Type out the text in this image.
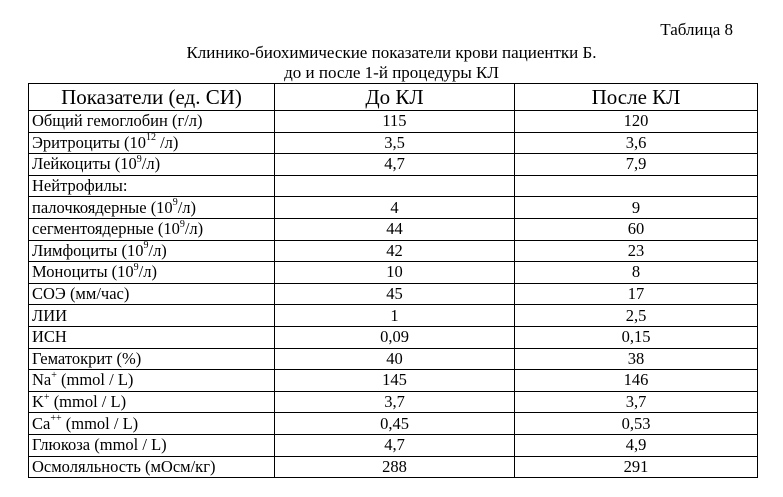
Таблица 8
Клинико-биохимические показатели крови пациентки Б.
до и после 1-й процедуры КЛ
Показатели (ед. СИ)	До КЛ	После КЛ
Общий гемоглобин (г/л)	115	120
Эритроциты ($10^{12}$ /л)	3,5	3,6
Лейкоциты $(10^9/л)$	4,7	7,9
Нейтрофилы:		
палочкоядерные $(10^9/л)$	4	9
сегментоядерные $(10^9/л)$	44	60
Лимфоциты $(10^9/л)$	42	23
Моноциты $(10^9/л)$	10	8
СОЭ (мм/час)	45	17
ЛИИ	1	2,5
ИСН	0,09	0,15
Гематокрит (%)	40	38
Na+ (mmol / L)	145	146
K+ (mmol / L)	3,7	3,7
Ca++ (mmol / L)	0,45	0,53
Глюкоза (mmol / L)	4,7	4,9
Осмоляльность (мОсм/кг)	288	291
